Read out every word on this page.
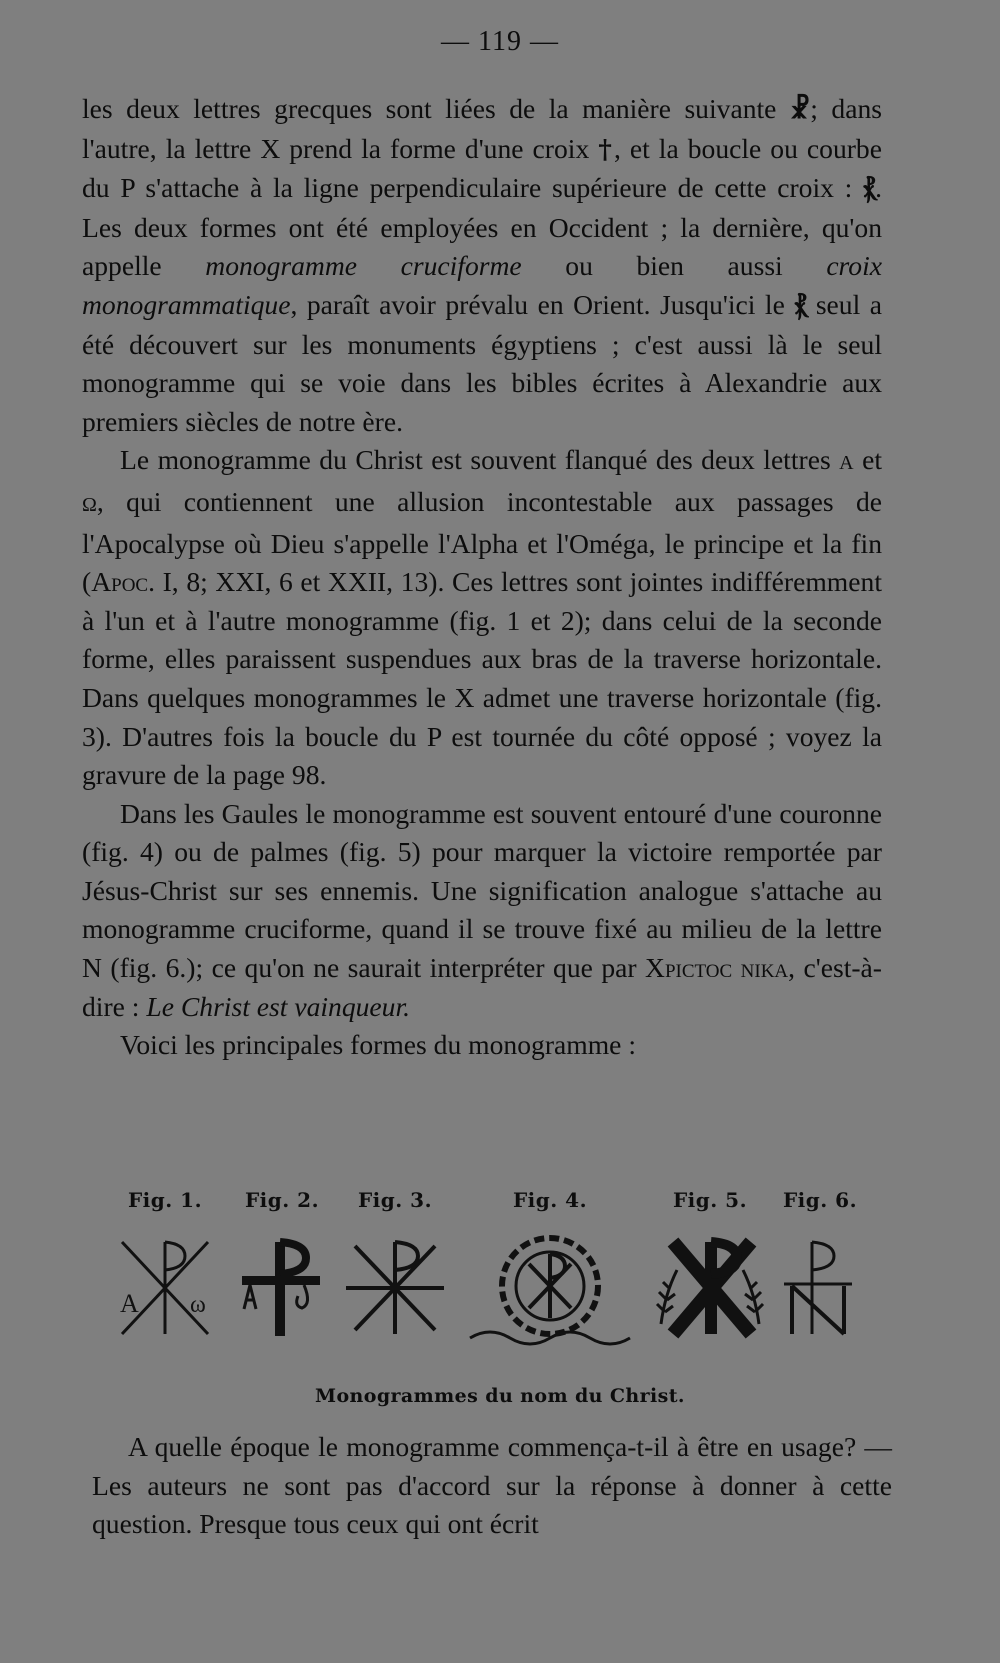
— 119 —

les deux lettres grecques sont liées de la manière suivante ☧; dans l'autre, la lettre X prend la forme d'une croix †, et la boucle ou courbe du P s'attache à la ligne perpendiculaire supérieure de cette croix : ⳩. Les deux formes ont été employées en Occident ; la dernière, qu'on appelle monogramme cruciforme ou bien aussi croix monogrammatique, paraît avoir prévalu en Orient. Jusqu'ici le ⳩ seul a été découvert sur les monuments égyptiens ; c'est aussi là le seul monogramme qui se voie dans les bibles écrites à Alexandrie aux premiers siècles de notre ère.

Le monogramme du Christ est souvent flanqué des deux lettres A et Ω, qui contiennent une allusion incontestable aux passages de l'Apocalypse où Dieu s'appelle l'Alpha et l'Oméga, le principe et la fin (Apoc. I, 8; XXI, 6 et XXII, 13). Ces lettres sont jointes indifféremment à l'un et à l'autre monogramme (fig. 1 et 2); dans celui de la seconde forme, elles paraissent suspendues aux bras de la traverse horizontale. Dans quelques monogrammes le X admet une traverse horizontale (fig. 3). D'autres fois la boucle du P est tournée du côté opposé ; voyez la gravure de la page 98.

Dans les Gaules le monogramme est souvent entouré d'une couronne (fig. 4) ou de palmes (fig. 5) pour marquer la victoire remportée par Jésus-Christ sur ses ennemis. Une signification analogue s'attache au monogramme cruciforme, quand il se trouve fixé au milieu de la lettre N (fig. 6.); ce qu'on ne saurait interpréter que par Xpictoc nika, c'est-à-dire : Le Christ est vainqueur.

Voici les principales formes du monogramme :

Fig. 1.
A ω
Fig. 2.	Fig. 3.	Fig. 4.	Fig. 5.	Fig. 6.
Monogrammes du nom du Christ.

A quelle époque le monogramme commença-t-il à être en usage? — Les auteurs ne sont pas d'accord sur la réponse à donner à cette question. Presque tous ceux qui ont écrit
